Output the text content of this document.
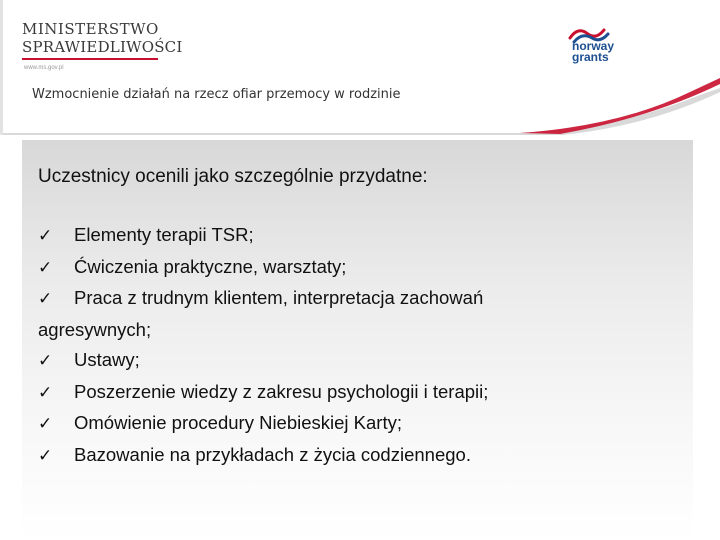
MINISTERSTWO
SPRAWIEDLIWOŚCI
www.ms.gov.pl
norway
grants
Wzmocnienie działań na rzecz ofiar przemocy w rodzinie
Uczestnicy ocenili jako szczególnie przydatne:
✓ Elementy terapii TSR;
✓ Ćwiczenia praktyczne, warsztaty;
✓ Praca z trudnym klientem, interpretacja zachowań
agresywnych;
✓ Ustawy;
✓ Poszerzenie wiedzy z zakresu psychologii i terapii;
✓ Omówienie procedury Niebieskiej Karty;
✓ Bazowanie na przykładach z życia codziennego.
